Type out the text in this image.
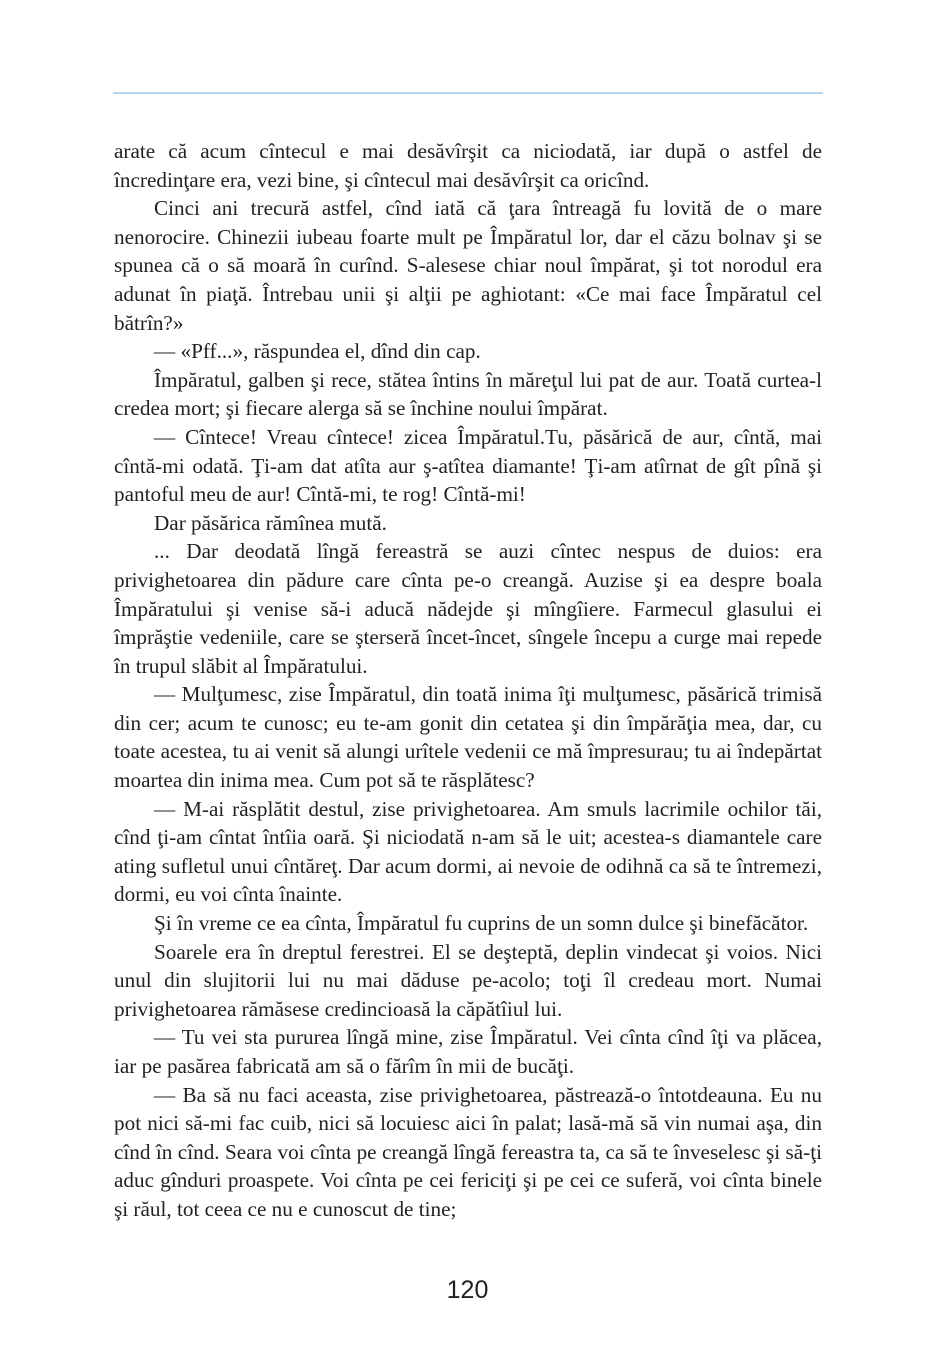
arate că acum cîntecul e mai desăvîrşit ca niciodată, iar după o astfel de încredinţare era, vezi bine, şi cîntecul mai desăvîrşit ca oricînd.

Cinci ani trecură astfel, cînd iată că ţara întreagă fu lovită de o mare nenorocire. Chinezii iubeau foarte mult pe Împăratul lor, dar el căzu bolnav şi se spunea că o să moară în curînd. S-alesese chiar noul împărat, şi tot norodul era adunat în piaţă. Întrebau unii şi alţii pe aghiotant: «Ce mai face Împăratul cel bătrîn?»

— «Pff...», răspundea el, dînd din cap.

Împăratul, galben şi rece, stătea întins în măreţul lui pat de aur. Toată curtea-l credea mort; şi fiecare alerga să se închine noului împărat.

— Cîntece! Vreau cîntece! zicea Împăratul.Tu, păsărică de aur, cîntă, mai cîntă-mi odată. Ţi-am dat atîta aur ş-atîtea diamante! Ţi-am atîrnat de gît pînă şi pantoful meu de aur! Cîntă-mi, te rog! Cîntă-mi!

Dar păsărica rămînea mută.

... Dar deodată lîngă fereastră se auzi cîntec nespus de duios: era privighetoarea din pădure care cînta pe-o creangă. Auzise şi ea despre boala Împăratului şi venise să-i aducă nădejde şi mîngîiere. Farmecul glasului ei împrăştie vedeniile, care se şterseră încet-încet, sîngele începu a curge mai repede în trupul slăbit al Împăratului.

— Mulţumesc, zise Împăratul, din toată inima îţi mulţumesc, păsărică trimisă din cer; acum te cunosc; eu te-am gonit din cetatea şi din împărăţia mea, dar, cu toate acestea, tu ai venit să alungi urîtele vedenii ce mă împresurau; tu ai îndepărtat moartea din inima mea. Cum pot să te răsplătesc?

— M-ai răsplătit destul, zise privighetoarea. Am smuls lacrimile ochilor tăi, cînd ţi-am cîntat întîia oară. Şi niciodată n-am să le uit; acestea-s diamantele care ating sufletul unui cîntăreţ. Dar acum dormi, ai nevoie de odihnă ca să te întremezi, dormi, eu voi cînta înainte.

Şi în vreme ce ea cînta, Împăratul fu cuprins de un somn dulce şi binefăcător.

Soarele era în dreptul ferestrei. El se deşteptă, deplin vindecat şi voios. Nici unul din slujitorii lui nu mai dăduse pe-acolo; toţi îl credeau mort. Numai privighetoarea rămăsese credincioasă la căpătîiul lui.

— Tu vei sta pururea lîngă mine, zise Împăratul. Vei cînta cînd îţi va plăcea, iar pe pasărea fabricată am să o fărîm în mii de bucăţi.

— Ba să nu faci aceasta, zise privighetoarea, păstrează-o întotdeauna. Eu nu pot nici să-mi fac cuib, nici să locuiesc aici în palat; lasă-mă să vin numai aşa, din cînd în cînd. Seara voi cînta pe creangă lîngă fereastra ta, ca să te înveselesc şi să-ţi aduc gînduri proaspete. Voi cînta pe cei fericiţi şi pe cei ce suferă, voi cînta binele şi răul, tot ceea ce nu e cunoscut de tine;

120
